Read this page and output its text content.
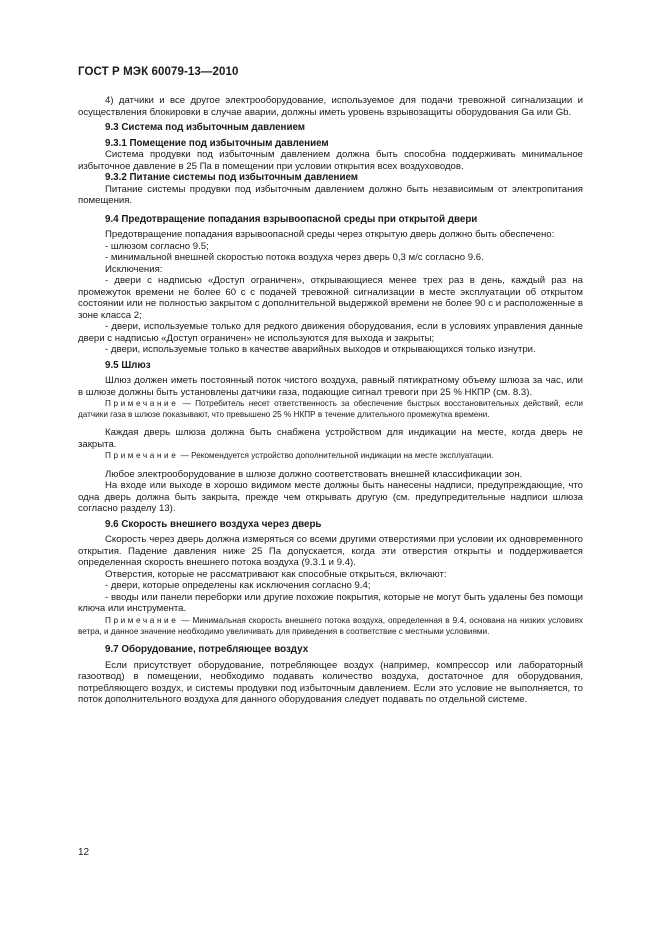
ГОСТ Р МЭК 60079-13—2010

4) датчики и все другое электрооборудование, используемое для подачи тревожной сигнализации и осуществления блокировки в случае аварии, должны иметь уровень взрывозащиты оборудования Ga или Gb.

9.3 Система под избыточным давлением

9.3.1 Помещение под избыточным давлением

Система продувки под избыточным давлением должна быть способна поддерживать минимальное избыточное давление в 25 Па в помещении при условии открытия всех воздуховодов.

9.3.2 Питание системы под избыточным давлением

Питание системы продувки под избыточным давлением должно быть независимым от электропитания помещения.

9.4 Предотвращение попадания взрывоопасной среды при открытой двери

Предотвращение попадания взрывоопасной среды через открытую дверь должно быть обеспечено:

- шлюзом согласно 9.5;

- минимальной внешней скоростью потока воздуха через дверь 0,3 м/с согласно 9.6.

Исключения:

- двери с надписью «Доступ ограничен», открывающиеся менее трех раз в день, каждый раз на промежуток времени не более 60 с с подачей тревожной сигнализации в месте эксплуатации об открытом состоянии или не полностью закрытом с дополнительной выдержкой времени не более 90 с и расположенные в зоне класса 2;

- двери, используемые только для редкого движения оборудования, если в условиях управления данные двери с надписью «Доступ ограничен» не используются для выхода и закрыты;

- двери, используемые только в качестве аварийных выходов и открывающихся только изнутри.

9.5 Шлюз

Шлюз должен иметь постоянный поток чистого воздуха, равный пятикратному объему шлюза за час, или в шлюзе должны быть установлены датчики газа, подающие сигнал тревоги при 25 % НКПР (см. 8.3).

Примечание — Потребитель несет ответственность за обеспечение быстрых восстановительных действий, если датчики газа в шлюзе показывают, что превышено 25 % НКПР в течение длительного промежутка времени.

Каждая дверь шлюза должна быть снабжена устройством для индикации на месте, когда дверь не закрыта.

Примечание — Рекомендуется устройство дополнительной индикации на месте эксплуатации.

Любое электрооборудование в шлюзе должно соответствовать внешней классификации зон.

На входе или выходе в хорошо видимом месте должны быть нанесены надписи, предупреждающие, что одна дверь должна быть закрыта, прежде чем открывать другую (см. предупредительные надписи шлюза согласно разделу 13).

9.6 Скорость внешнего воздуха через дверь

Скорость через дверь должна измеряться со всеми другими отверстиями при условии их одновременного открытия. Падение давления ниже 25 Па допускается, когда эти отверстия открыты и поддерживается определенная скорость внешнего потока воздуха (9.3.1 и 9.4).

Отверстия, которые не рассматривают как способные открыться, включают:

- двери, которые определены как исключения согласно 9.4;

- вводы или панели переборки или другие похожие покрытия, которые не могут быть удалены без помощи ключа или инструмента.

Примечание — Минимальная скорость внешнего потока воздуха, определенная в 9.4, основана на низких условиях ветра, и данное значение необходимо увеличивать для приведения в соответствие с местными условиями.

9.7 Оборудование, потребляющее воздух

Если присутствует оборудование, потребляющее воздух (например, компрессор или лабораторный газоотвод) в помещении, необходимо подавать количество воздуха, достаточное для оборудования, потребляющего воздух, и системы продувки под избыточным давлением. Если это условие не выполняется, то поток дополнительного воздуха для данного оборудования следует подавать по отдельной системе.

12
